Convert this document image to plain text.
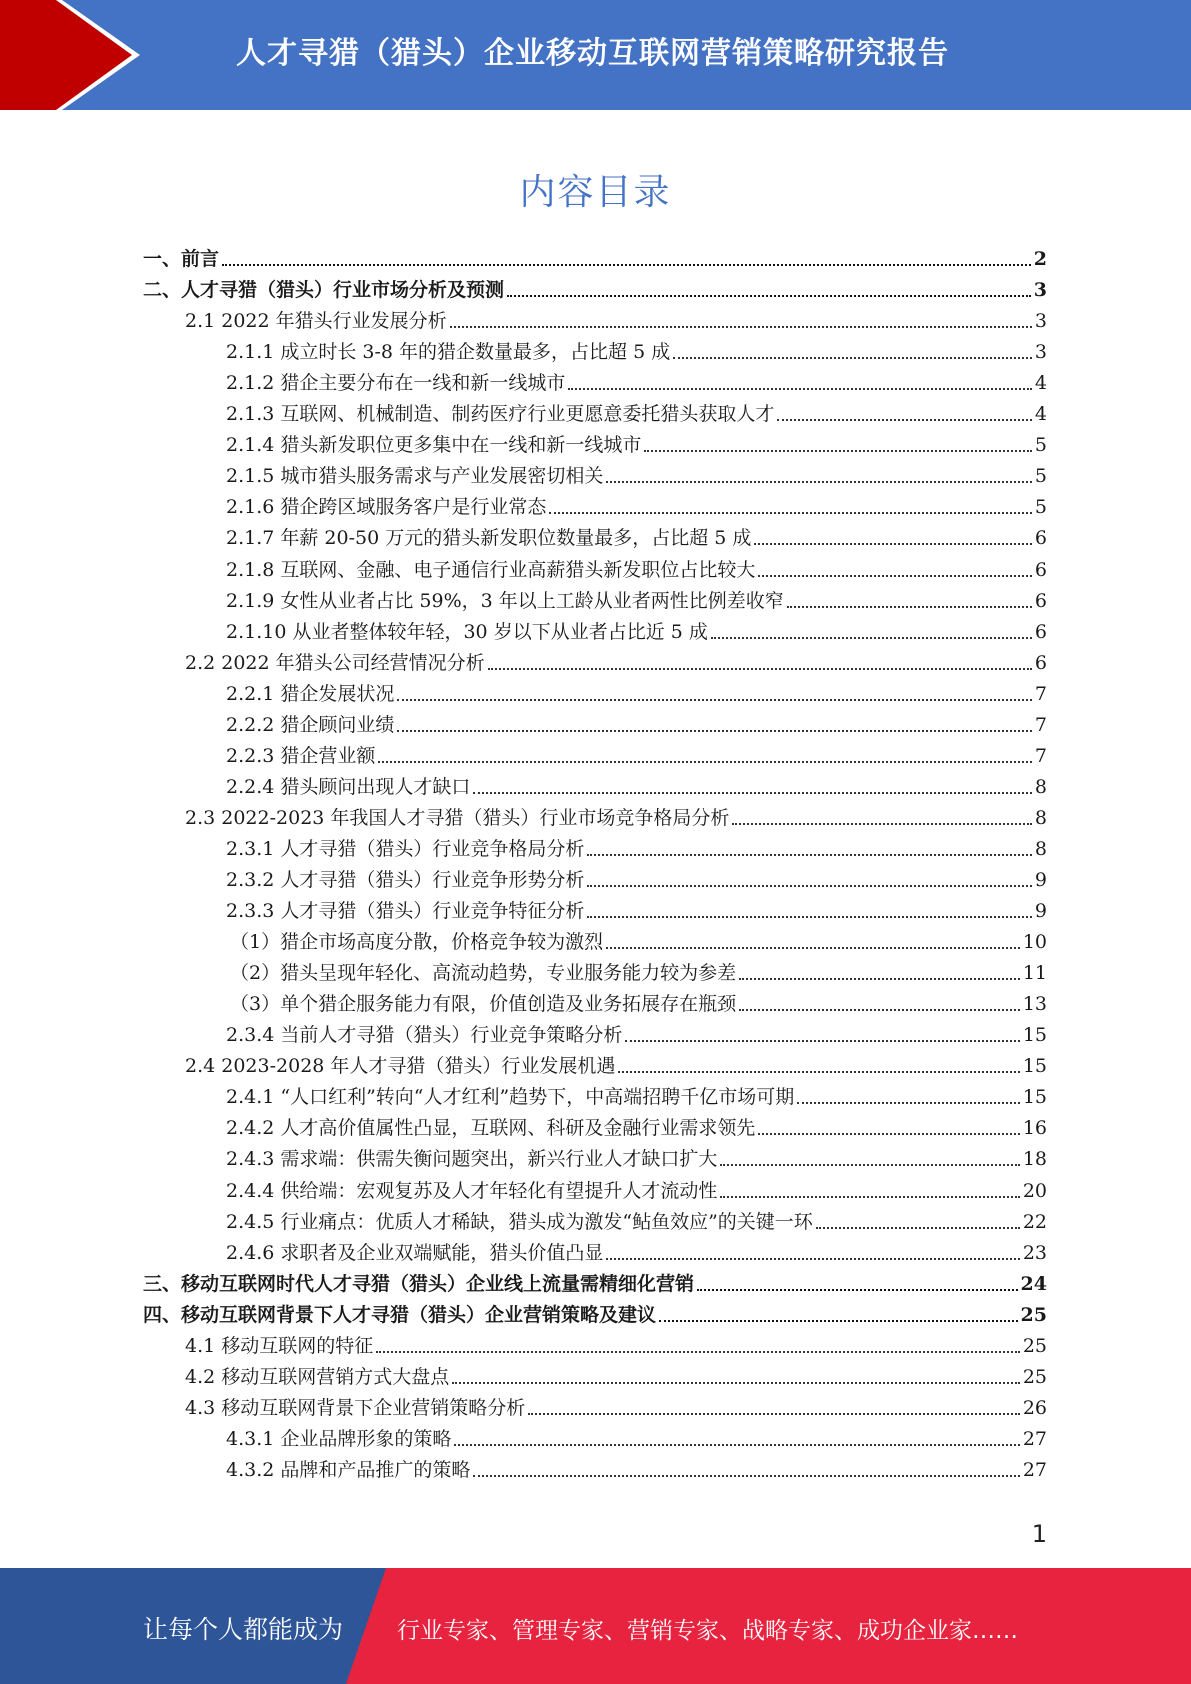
人才寻猎（猎头）企业移动互联网营销策略研究报告
内容目录
一、前言	2
二、人才寻猎（猎头）行业市场分析及预测	3
2.1 2022 年猎头行业发展分析	3
2.1.1 成立时长 3-8 年的猎企数量最多，占比超 5 成	3
2.1.2 猎企主要分布在一线和新一线城市	4
2.1.3 互联网、机械制造、制药医疗行业更愿意委托猎头获取人才	4
2.1.4 猎头新发职位更多集中在一线和新一线城市	5
2.1.5 城市猎头服务需求与产业发展密切相关	5
2.1.6 猎企跨区域服务客户是行业常态	5
2.1.7 年薪 20-50 万元的猎头新发职位数量最多，占比超 5 成	6
2.1.8 互联网、金融、电子通信行业高薪猎头新发职位占比较大	6
2.1.9 女性从业者占比 59%，3 年以上工龄从业者两性比例差收窄	6
2.1.10 从业者整体较年轻，30 岁以下从业者占比近 5 成	6
2.2 2022 年猎头公司经营情况分析	6
2.2.1 猎企发展状况	7
2.2.2 猎企顾问业绩	7
2.2.3 猎企营业额	7
2.2.4 猎头顾问出现人才缺口	8
2.3 2022-2023 年我国人才寻猎（猎头）行业市场竞争格局分析	8
2.3.1 人才寻猎（猎头）行业竞争格局分析	8
2.3.2 人才寻猎（猎头）行业竞争形势分析	9
2.3.3 人才寻猎（猎头）行业竞争特征分析	9
（1）猎企市场高度分散，价格竞争较为激烈	10
（2）猎头呈现年轻化、高流动趋势，专业服务能力较为参差	11
（3）单个猎企服务能力有限，价值创造及业务拓展存在瓶颈	13
2.3.4 当前人才寻猎（猎头）行业竞争策略分析	15
2.4 2023-2028 年人才寻猎（猎头）行业发展机遇	15
2.4.1 “人口红利”转向“人才红利”趋势下，中高端招聘千亿市场可期	15
2.4.2 人才高价值属性凸显，互联网、科研及金融行业需求领先	16
2.4.3 需求端：供需失衡问题突出，新兴行业人才缺口扩大	18
2.4.4 供给端：宏观复苏及人才年轻化有望提升人才流动性	20
2.4.5 行业痛点：优质人才稀缺，猎头成为激发“鲇鱼效应”的关键一环	22
2.4.6 求职者及企业双端赋能，猎头价值凸显	23
三、移动互联网时代人才寻猎（猎头）企业线上流量需精细化营销	24
四、移动互联网背景下人才寻猎（猎头）企业营销策略及建议	25
4.1 移动互联网的特征	25
4.2 移动互联网营销方式大盘点	25
4.3 移动互联网背景下企业营销策略分析	26
4.3.1 企业品牌形象的策略	27
4.3.2 品牌和产品推广的策略	27
1
让每个人都能成为 行业专家、管理专家、营销专家、战略专家、成功企业家……
